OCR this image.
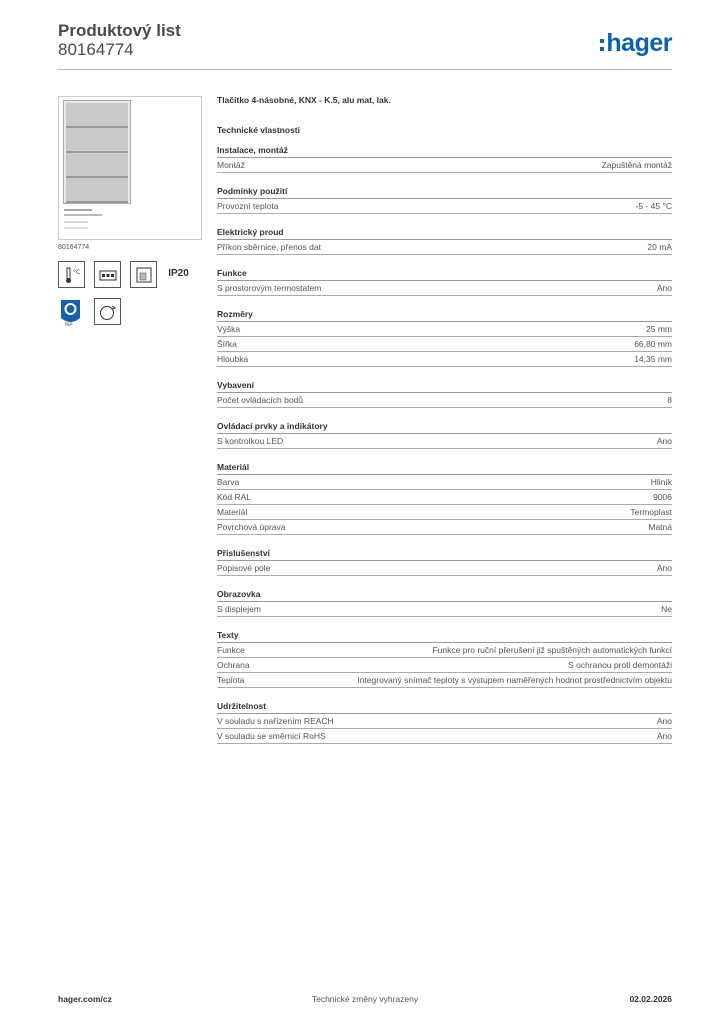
Produktový list
80164774	hager
80164774
°C	IP20
PEP
Tlačítko 4-násobné, KNX - K.5, alu mat, lak.
Technické vlastnosti
Instalace, montáž
Montáž	Zapuštěná montáž
Podmínky použití
Provozní teplota	-5 - 45 °C
Elektrický proud
Příkon sběrnice, přenos dat	20 mA
Funkce
S prostorovým termostatem	Ano
Rozměry
Výška	25 mm
Šířka	66,80 mm
Hloubka	14,35 mm
Vybavení
Počet ovládacích bodů	8
Ovládací prvky a indikátory
S kontrolkou LED	Ano
Materiál
Barva	Hliník
Kód RAL	9006
Materiál	Termoplast
Povrchová úprava	Matná
Příslušenství
Popisové pole	Ano
Obrazovka
S displejem	Ne
Texty
Funkce	Funkce pro ruční přerušení již spuštěných automatických funkcí
Ochrana	S ochranou proti demontáži
Teplota	Integrovaný snímač teploty s výstupem naměřených hodnot prostřednictvím objektu
Udržitelnost
V souladu s nařízením REACH	Ano
V souladu se směrnicí RoHS	Ano
hager.com/cz	Technické změny vyhrazeny	02.02.2026
